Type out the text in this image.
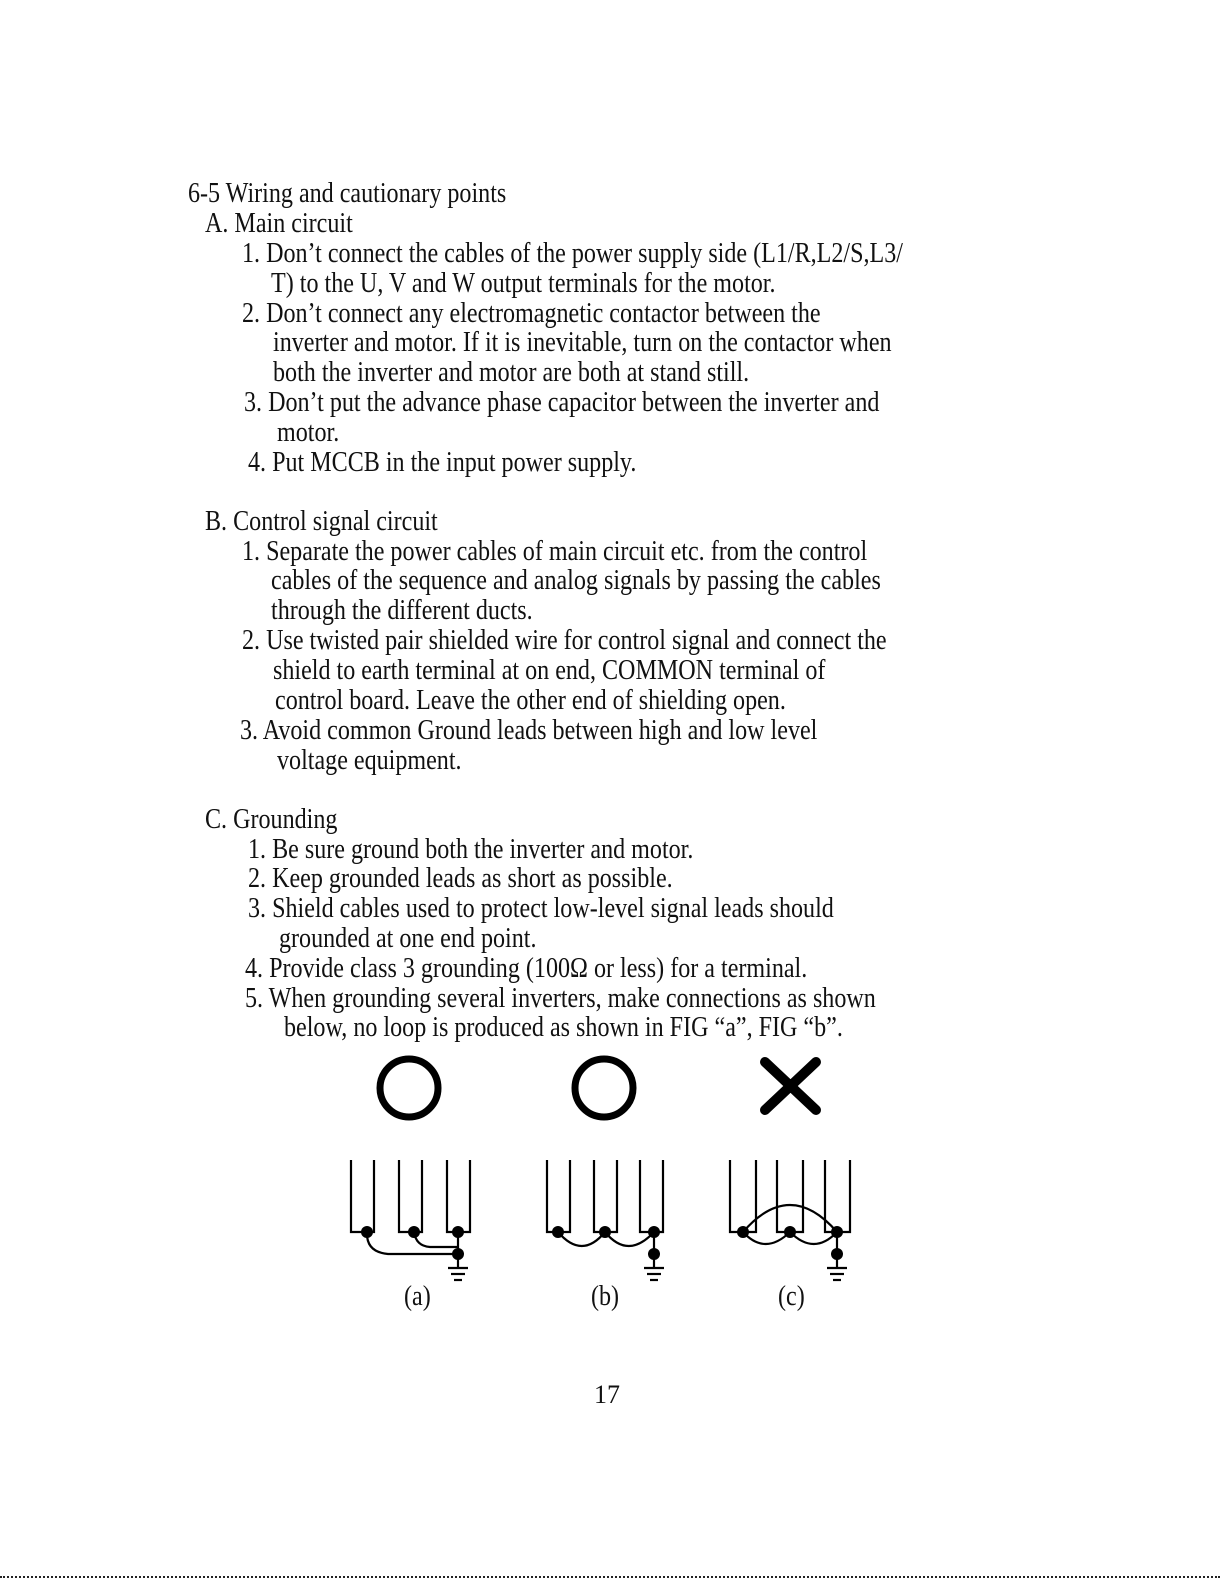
6-5 Wiring and cautionary points
A. Main circuit
1. Don’t connect the cables of the power supply side (L1/R,L2/S,L3/
T) to the U, V and W output terminals for the motor.
2. Don’t connect any electromagnetic contactor between the
inverter and motor. If it is inevitable, turn on the contactor when
both the inverter and motor are both at stand still.
3. Don’t put the advance phase capacitor between the inverter and
motor.
4. Put MCCB in the input power supply.
B. Control signal circuit
1. Separate the power cables of main circuit etc. from the control
cables of the sequence and analog signals by passing the cables
through the different ducts.
2. Use twisted pair shielded wire for control signal and connect the
shield to earth terminal at on end, COMMON terminal of
control board. Leave the other end of shielding open.
3. Avoid common Ground leads between high and low level
voltage equipment.
C. Grounding
1. Be sure ground both the inverter and motor.
2. Keep grounded leads as short as possible.
3. Shield cables used to protect low-level signal leads should
grounded at one end point.
4. Provide class 3 grounding (100Ω or less) for a terminal.
5. When grounding several inverters, make connections as shown
below, no loop is produced as shown in FIG “a”, FIG “b”.
(a)	(b)	(c)
17
